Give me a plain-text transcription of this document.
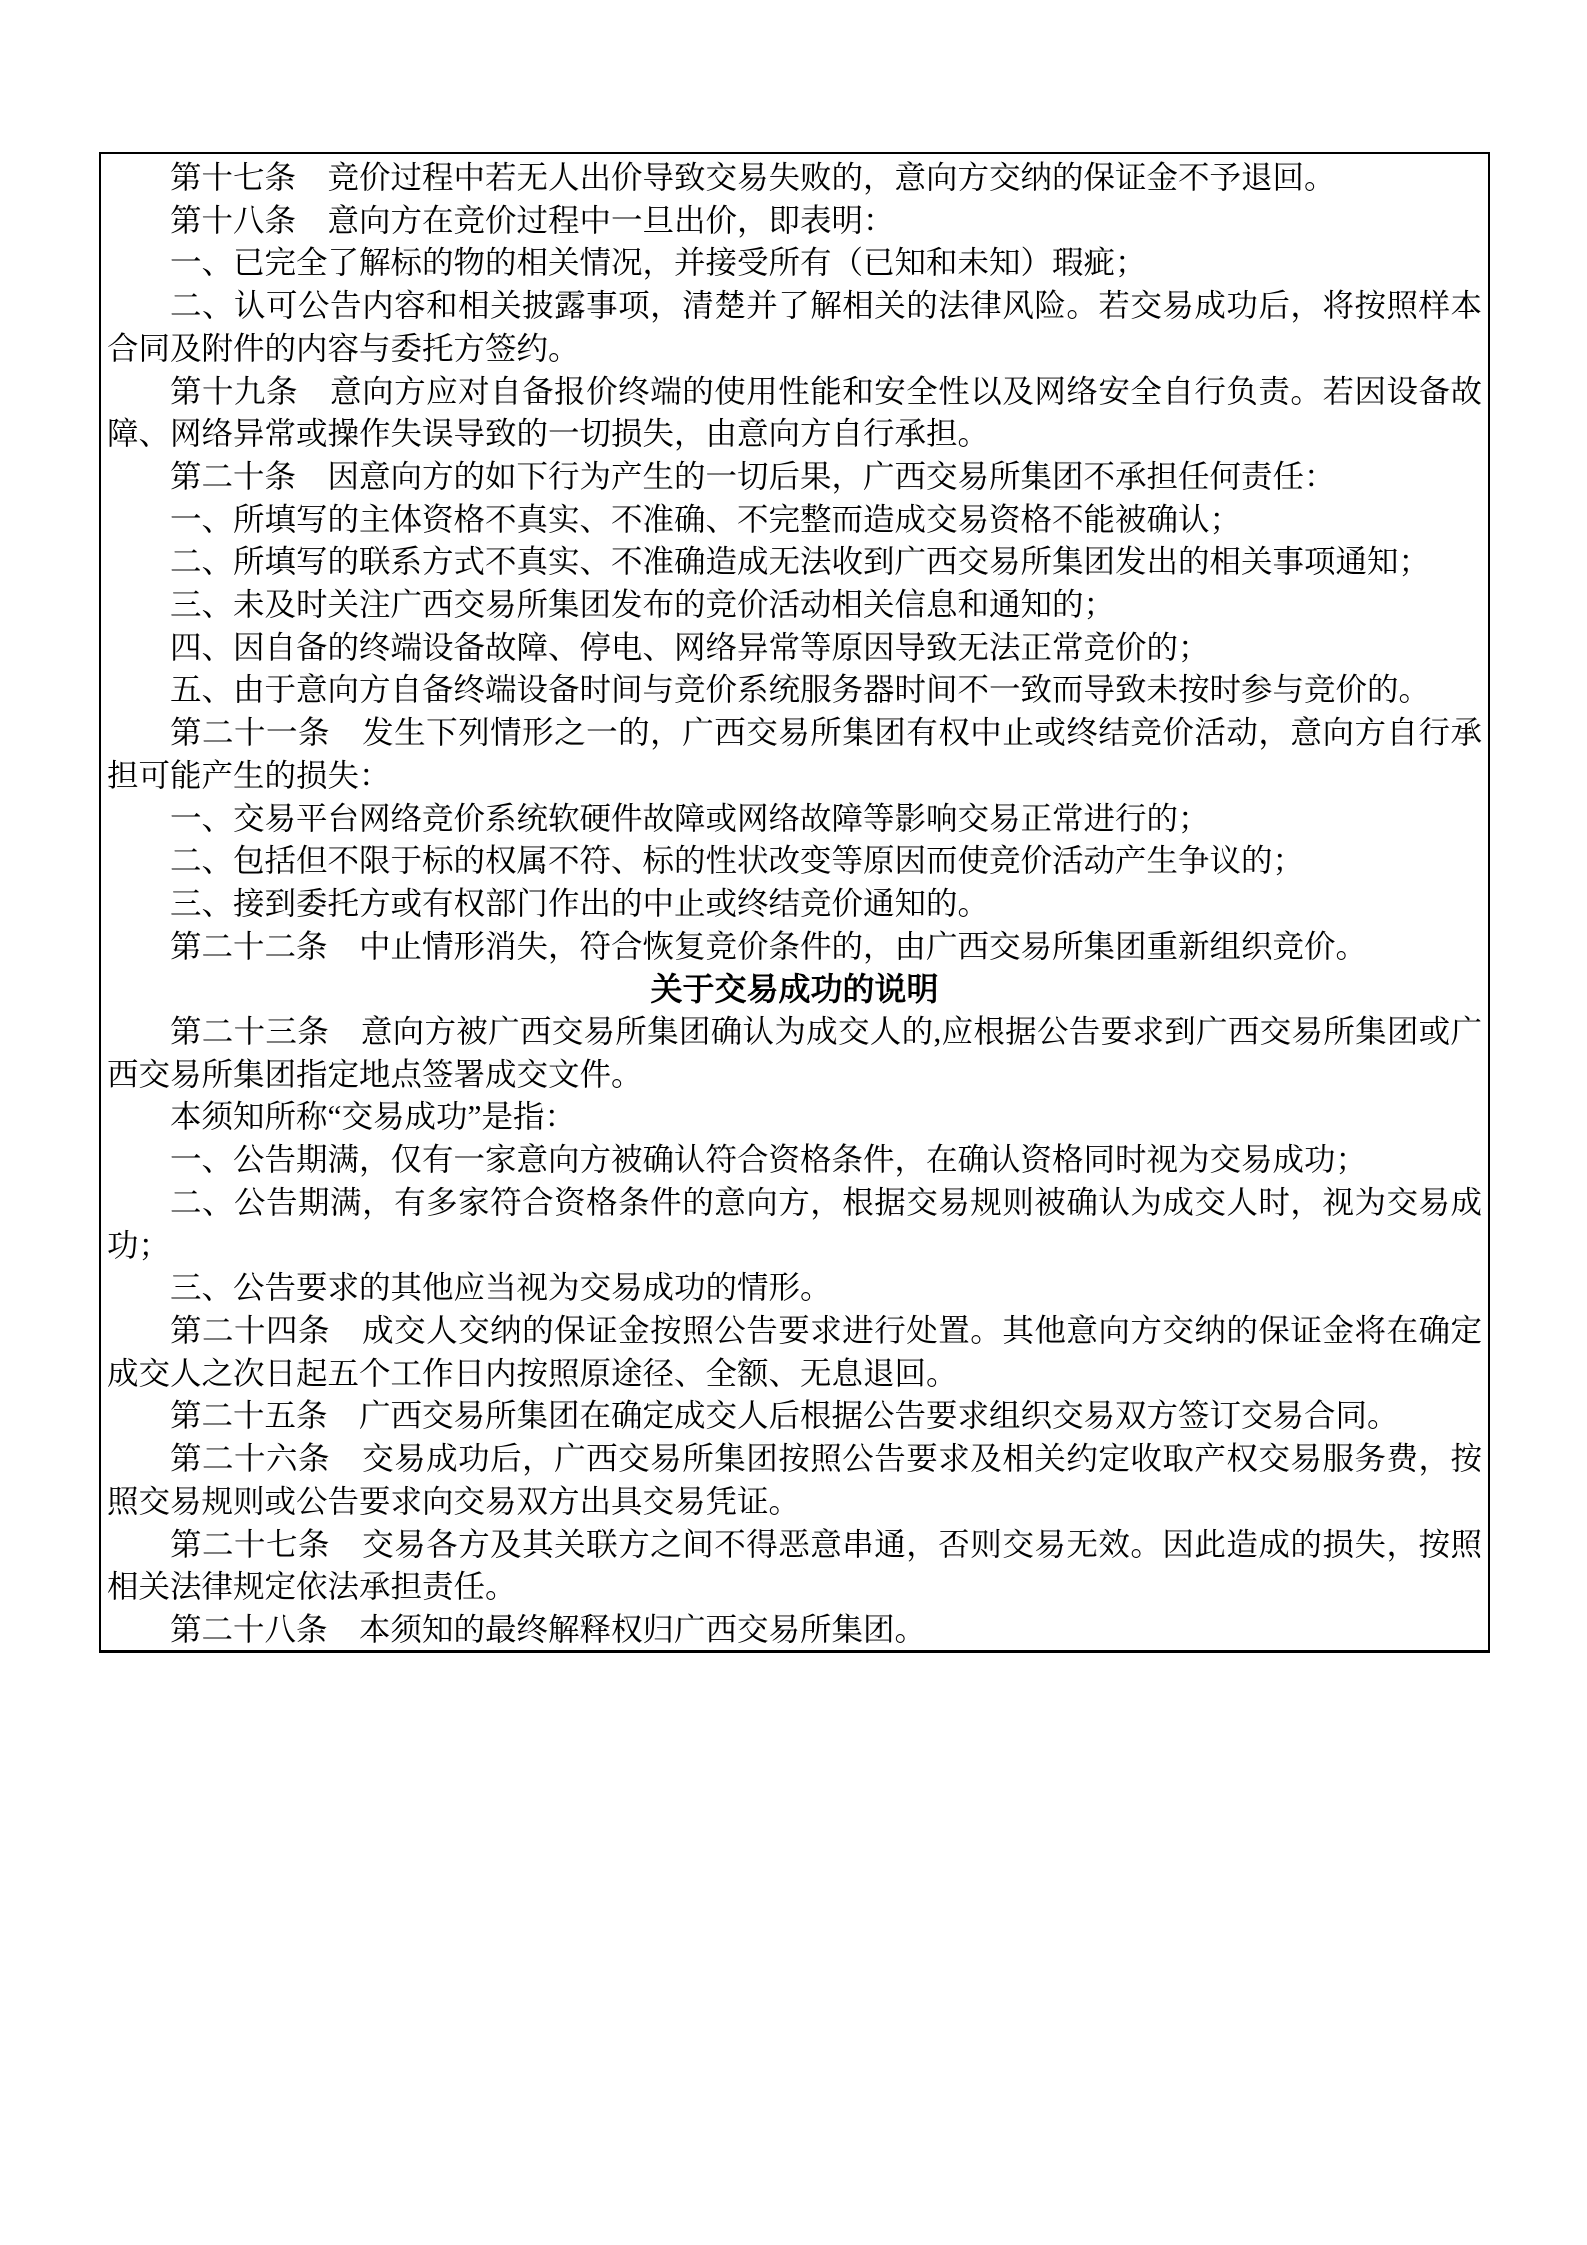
第十七条　竞价过程中若无人出价导致交易失败的，意向方交纳的保证金不予退回。

第十八条　意向方在竞价过程中一旦出价，即表明：

一、已完全了解标的物的相关情况，并接受所有（已知和未知）瑕疵；

二、认可公告内容和相关披露事项，清楚并了解相关的法律风险。若交易成功后，将按照样本合同及附件的内容与委托方签约。

第十九条　意向方应对自备报价终端的使用性能和安全性以及网络安全自行负责。若因设备故障、网络异常或操作失误导致的一切损失，由意向方自行承担。

第二十条　因意向方的如下行为产生的一切后果，广西交易所集团不承担任何责任：

一、所填写的主体资格不真实、不准确、不完整而造成交易资格不能被确认；

二、所填写的联系方式不真实、不准确造成无法收到广西交易所集团发出的相关事项通知；

三、未及时关注广西交易所集团发布的竞价活动相关信息和通知的；

四、因自备的终端设备故障、停电、网络异常等原因导致无法正常竞价的；

五、由于意向方自备终端设备时间与竞价系统服务器时间不一致而导致未按时参与竞价的。

第二十一条　发生下列情形之一的，广西交易所集团有权中止或终结竞价活动，意向方自行承担可能产生的损失：

一、交易平台网络竞价系统软硬件故障或网络故障等影响交易正常进行的；

二、包括但不限于标的权属不符、标的性状改变等原因而使竞价活动产生争议的；

三、接到委托方或有权部门作出的中止或终结竞价通知的。

第二十二条　中止情形消失，符合恢复竞价条件的，由广西交易所集团重新组织竞价。

关于交易成功的说明

第二十三条　意向方被广西交易所集团确认为成交人的,应根据公告要求到广西交易所集团或广西交易所集团指定地点签署成交文件。

本须知所称“交易成功”是指：

一、公告期满，仅有一家意向方被确认符合资格条件，在确认资格同时视为交易成功；

二、公告期满，有多家符合资格条件的意向方，根据交易规则被确认为成交人时，视为交易成功；

三、公告要求的其他应当视为交易成功的情形。

第二十四条　成交人交纳的保证金按照公告要求进行处置。其他意向方交纳的保证金将在确定成交人之次日起五个工作日内按照原途径、全额、无息退回。

第二十五条　广西交易所集团在确定成交人后根据公告要求组织交易双方签订交易合同。

第二十六条　交易成功后，广西交易所集团按照公告要求及相关约定收取产权交易服务费，按照交易规则或公告要求向交易双方出具交易凭证。

第二十七条　交易各方及其关联方之间不得恶意串通，否则交易无效。因此造成的损失，按照相关法律规定依法承担责任。

第二十八条　本须知的最终解释权归广西交易所集团。
